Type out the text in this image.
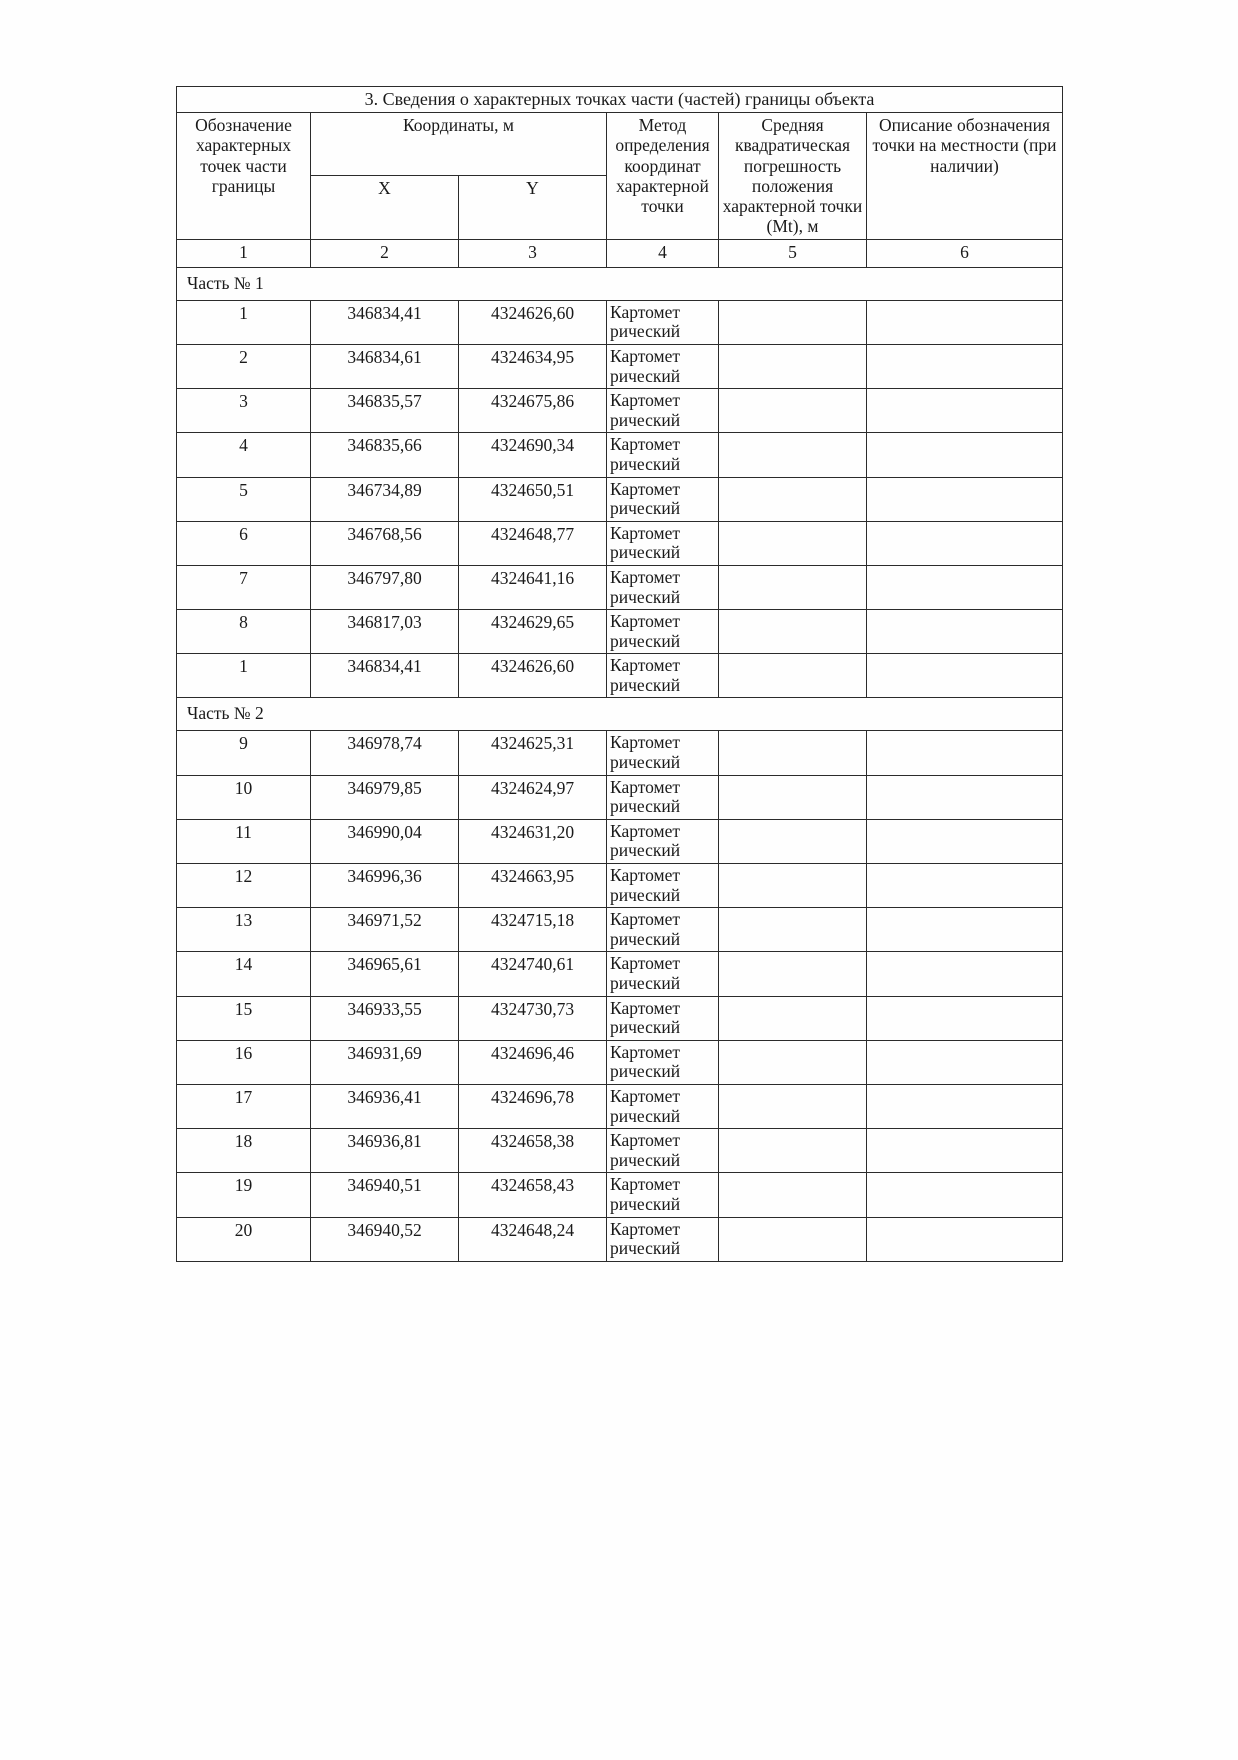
3. Сведения о характерных точках части (частей) границы объекта					
Обозначение характерных точек части границы	Координаты, м		Метод определения координат характерной точки	Средняя квадратическая погрешность положения характерной точки (Mt), м	Описание обозначения точки на местности (при наличии)
	X	Y			
1	2	3	4	5	6
Часть № 1					
1	346834,41	4324626,60	Картомет
рический		

2	346834,61	4324634,95	Картомет
рический		

3	346835,57	4324675,86	Картомет
рический		

4	346835,66	4324690,34	Картомет
рический		

5	346734,89	4324650,51	Картомет
рический		

6	346768,56	4324648,77	Картомет
рический		

7	346797,80	4324641,16	Картомет
рический		

8	346817,03	4324629,65	Картомет
рический		

1	346834,41	4324626,60	Картомет
рический		

Часть № 2					
9	346978,74	4324625,31	Картомет
рический		

10	346979,85	4324624,97	Картомет
рический		

11	346990,04	4324631,20	Картомет
рический		

12	346996,36	4324663,95	Картомет
рический		

13	346971,52	4324715,18	Картомет
рический		

14	346965,61	4324740,61	Картомет
рический		

15	346933,55	4324730,73	Картомет
рический		

16	346931,69	4324696,46	Картомет
рический		

17	346936,41	4324696,78	Картомет
рический		

18	346936,81	4324658,38	Картомет
рический		

19	346940,51	4324658,43	Картомет
рический		

20	346940,52	4324648,24	Картомет
рический		
